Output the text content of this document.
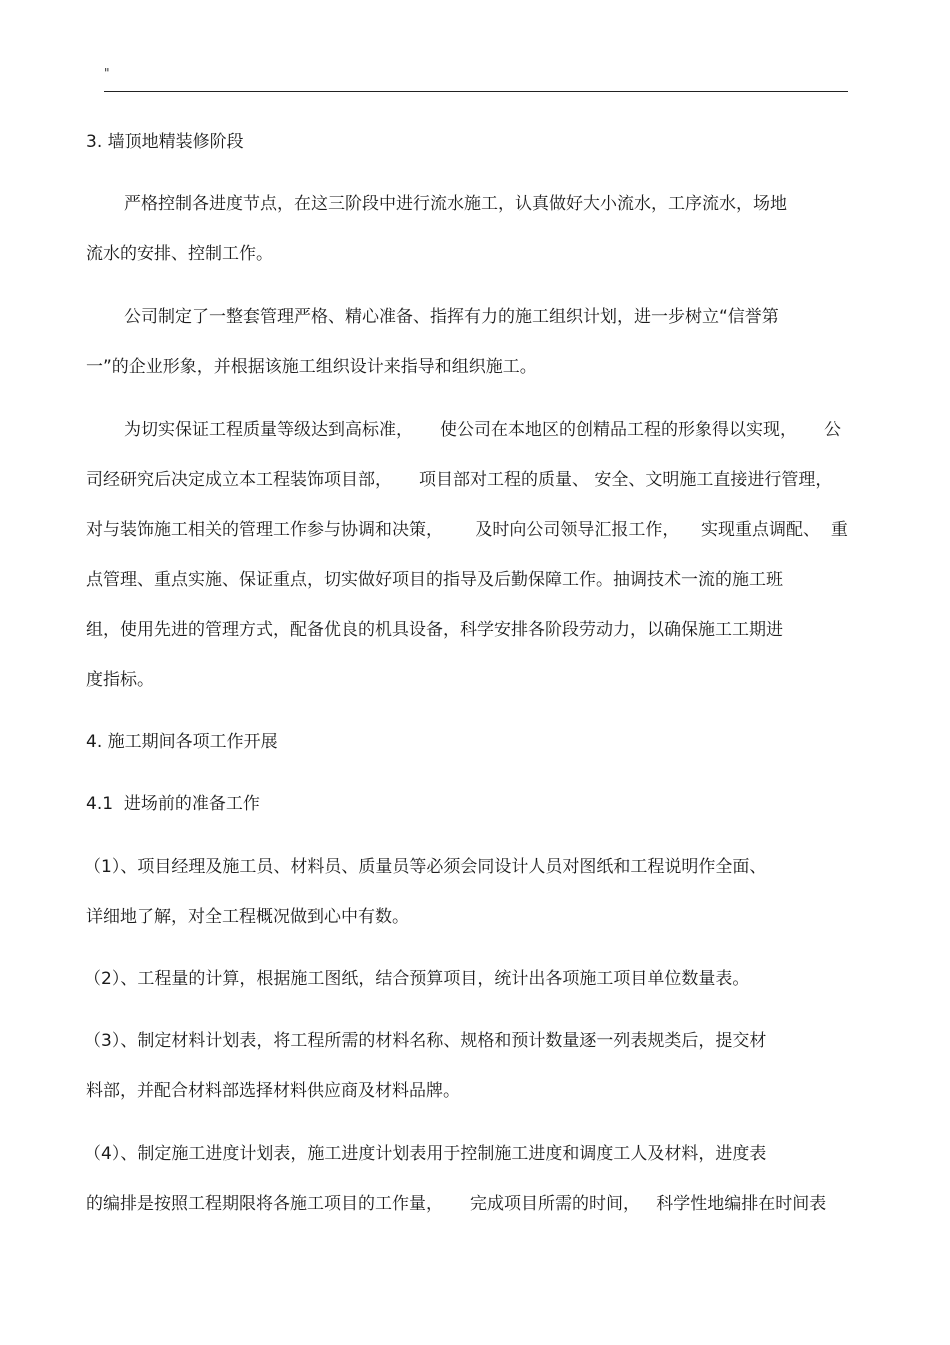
"
3. 墙顶地精装修阶段
严格控制各进度节点，在这三阶段中进行流水施工，认真做好大小流水，工序流水，场地
流水的安排、控制工作。
公司制定了一整套管理严格、精心准备、指挥有力的施工组织计划，进一步树立“信誉第
一”的企业形象，并根据该施工组织设计来指导和组织施工。
为切实保证工程质量等级达到高标准，     使公司在本地区的创精品工程的形象得以实现，     公
司经研究后决定成立本工程装饰项目部，     项目部对工程的质量、 安全、文明施工直接进行管理，
对与装饰施工相关的管理工作参与协调和决策，      及时向公司领导汇报工作，    实现重点调配、  重
点管理、重点实施、保证重点，切实做好项目的指导及后勤保障工作。抽调技术一流的施工班
组，使用先进的管理方式，配备优良的机具设备，科学安排各阶段劳动力，以确保施工工期进
度指标。
4. 施工期间各项工作开展
4.1  进场前的准备工作
（1）、项目经理及施工员、材料员、质量员等必须会同设计人员对图纸和工程说明作全面、
详细地了解，对全工程概况做到心中有数。
（2）、工程量的计算，根据施工图纸，结合预算项目，统计出各项施工项目单位数量表。
（3）、制定材料计划表，将工程所需的材料名称、规格和预计数量逐一列表规类后，提交材
料部，并配合材料部选择材料供应商及材料品牌。
（4）、制定施工进度计划表，施工进度计划表用于控制施工进度和调度工人及材料，进度表
的编排是按照工程期限将各施工项目的工作量，     完成项目所需的时间，   科学性地编排在时间表
